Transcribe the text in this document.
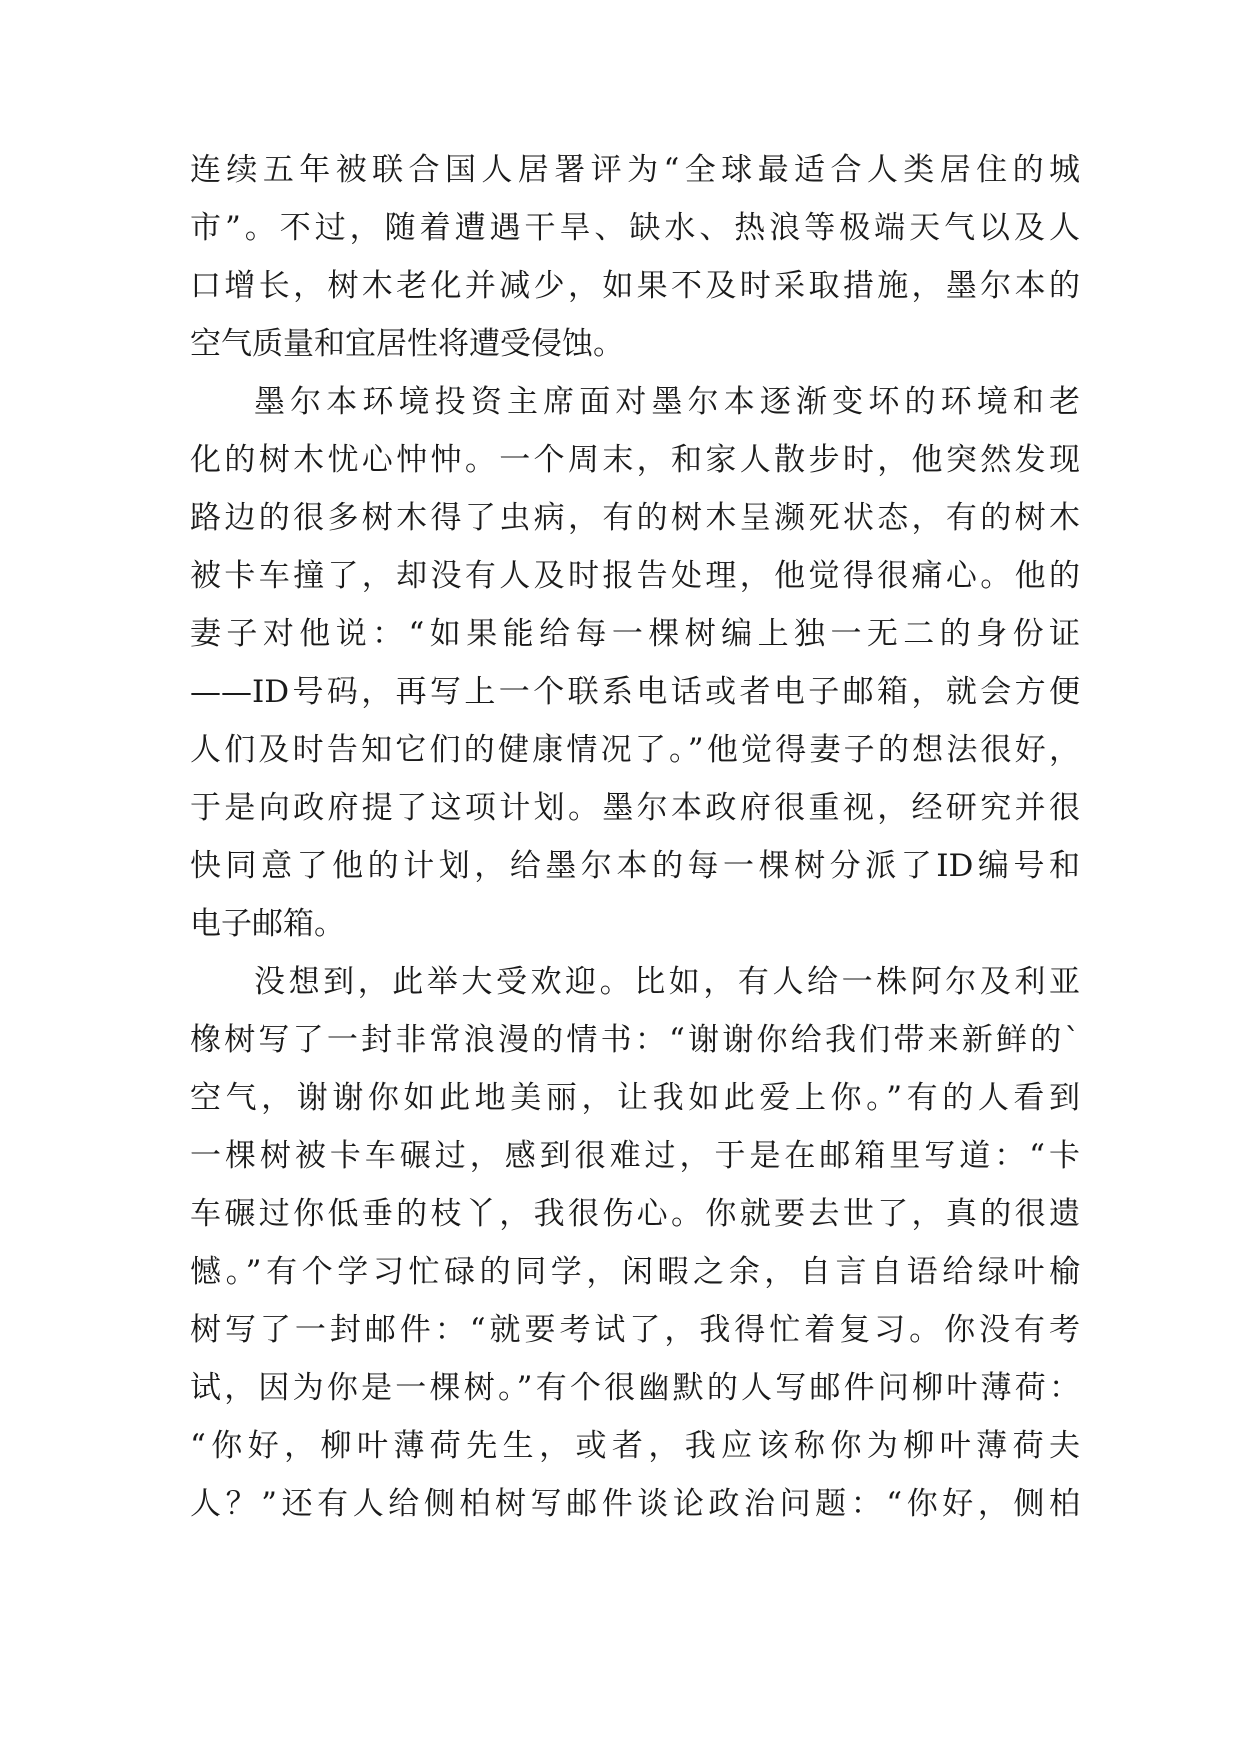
连续五年被联合国人居署评为“全球最适合人类居住的城
市”。不过，随着遭遇干旱、缺水、热浪等极端天气以及人
口增长，树木老化并减少，如果不及时采取措施，墨尔本的
空气质量和宜居性将遭受侵蚀。
墨尔本环境投资主席面对墨尔本逐渐变坏的环境和老
化的树木忧心忡忡。一个周末，和家人散步时，他突然发现
路边的很多树木得了虫病，有的树木呈濒死状态，有的树木
被卡车撞了，却没有人及时报告处理，他觉得很痛心。他的
妻子对他说：“如果能给每一棵树编上独一无二的身份证
——ID号码，再写上一个联系电话或者电子邮箱，就会方便
人们及时告知它们的健康情况了。”他觉得妻子的想法很好，
于是向政府提了这项计划。墨尔本政府很重视，经研究并很
快同意了他的计划，给墨尔本的每一棵树分派了ID编号和
电子邮箱。
没想到，此举大受欢迎。比如，有人给一株阿尔及利亚
橡树写了一封非常浪漫的情书：“谢谢你给我们带来新鲜的`
空气，谢谢你如此地美丽，让我如此爱上你。”有的人看到
一棵树被卡车碾过，感到很难过，于是在邮箱里写道：“卡
车碾过你低垂的枝丫，我很伤心。你就要去世了，真的很遗
憾。”有个学习忙碌的同学，闲暇之余，自言自语给绿叶榆
树写了一封邮件：“就要考试了，我得忙着复习。你没有考
试，因为你是一棵树。”有个很幽默的人写邮件问柳叶薄荷：
“你好，柳叶薄荷先生，或者，我应该称你为柳叶薄荷夫
人？”还有人给侧柏树写邮件谈论政治问题：“你好，侧柏
